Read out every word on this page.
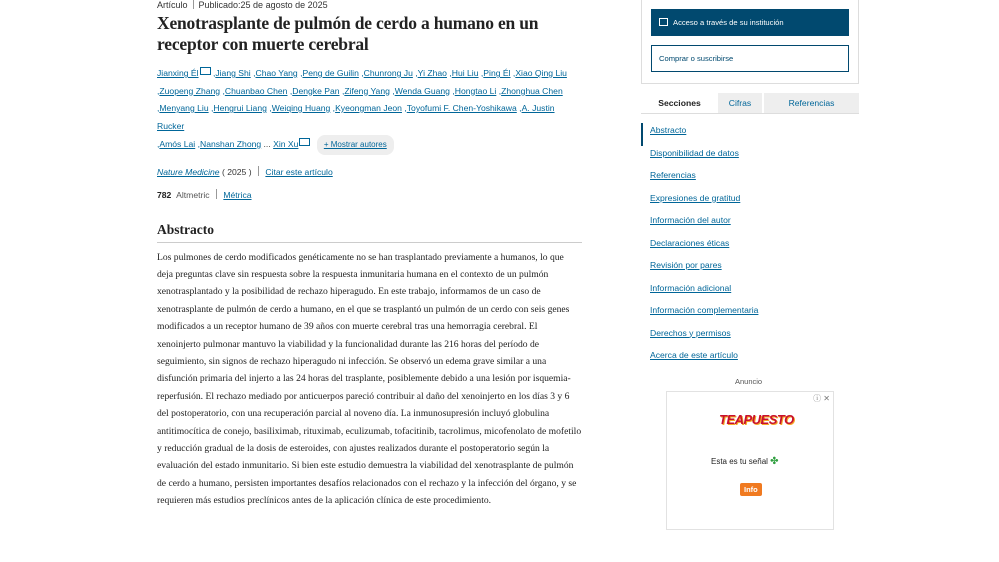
Artículo Publicado:25 de agosto de 2025
Xenotrasplante de pulmón de cerdo a humano en un receptor con muerte cerebral
Jianxing Él ,Jiang Shi ,Chao Yang ,Peng de Guilin ,Chunrong Ju ,Yi Zhao ,Hui Liu ,Ping Él ,Xiao Qing Liu
,Zuopeng Zhang ,Chuanbao Chen ,Dengke Pan ,Zifeng Yang ,Wenda Guang ,Hongtao Li ,Zhonghua Chen
,Menyang Liu ,Hengrui Liang ,Weiqing Huang ,Kyeongman Jeon ,Toyofumi F. Chen-Yoshikawa ,A. Justin Rucker
,Amós Lai ,Nanshan Zhong ... Xin Xu	+ Mostrar autores
Nature Medicine ( 2025 ) Citar este artículo
782 Altmetric Métrica
Abstracto
Los pulmones de cerdo modificados genéticamente no se han trasplantado previamente a humanos, lo que deja preguntas clave sin respuesta sobre la respuesta inmunitaria humana en el contexto de un pulmón xenotrasplantado y la posibilidad de rechazo hiperagudo. En este trabajo, informamos de un caso de xenotrasplante de pulmón de cerdo a humano, en el que se trasplantó un pulmón de un cerdo con seis genes modificados a un receptor humano de 39 años con muerte cerebral tras una hemorragia cerebral. El xenoinjerto pulmonar mantuvo la viabilidad y la funcionalidad durante las 216 horas del período de seguimiento, sin signos de rechazo hiperagudo ni infección. Se observó un edema grave similar a una disfunción primaria del injerto a las 24 horas del trasplante, posiblemente debido a una lesión por isquemia-reperfusión. El rechazo mediado por anticuerpos pareció contribuir al daño del xenoinjerto en los días 3 y 6 del postoperatorio, con una recuperación parcial al noveno día. La inmunosupresión incluyó globulina antitimocítica de conejo, basiliximab, rituximab, eculizumab, tofacitinib, tacrolimus, micofenolato de mofetilo y reducción gradual de la dosis de esteroides, con ajustes realizados durante el postoperatorio según la evaluación del estado inmunitario. Si bien este estudio demuestra la viabilidad del xenotrasplante de pulmón de cerdo a humano, persisten importantes desafíos relacionados con el rechazo y la infección del órgano, y se requieren más estudios preclínicos antes de la aplicación clínica de este procedimiento.
Acceso a través de su institución
Comprar o suscribirse
Secciones	Cifras	Referencias
Abstracto
Disponibilidad de datos
Referencias
Expresiones de gratitud
Información del autor
Declaraciones éticas
Revisión por pares
Información adicional
Información complementaria
Derechos y permisos
Acerca de este artículo
Anuncio
ⓘ ✕
TEAPUESTO
Esta es tu señal ✤
Info
